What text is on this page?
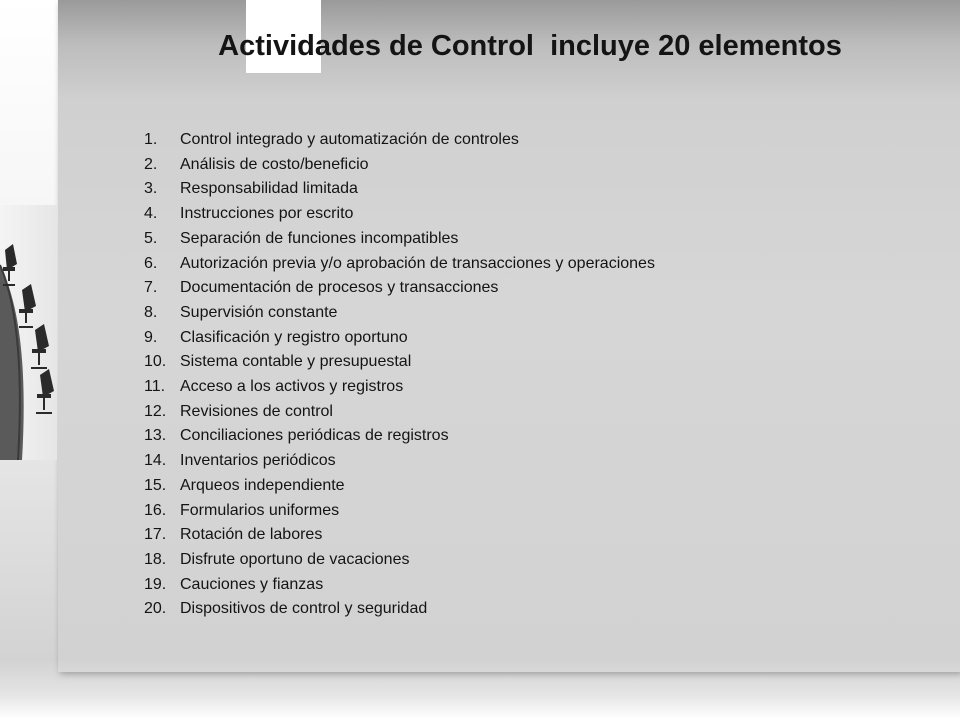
Actividades de Control  incluye 20 elementos
1. Control integrado y automatización de controles
2. Análisis de costo/beneficio
3. Responsabilidad limitada
4. Instrucciones por escrito
5. Separación de funciones incompatibles
6. Autorización previa y/o aprobación de transacciones y operaciones
7. Documentación de procesos y transacciones
8. Supervisión constante
9. Clasificación y registro oportuno
10. Sistema contable y presupuestal
11. Acceso a los activos y registros
12. Revisiones de control
13. Conciliaciones periódicas de registros
14. Inventarios periódicos
15. Arqueos independiente
16. Formularios uniformes
17. Rotación de labores
18. Disfrute oportuno de vacaciones
19. Cauciones y fianzas
20. Dispositivos de control y seguridad
